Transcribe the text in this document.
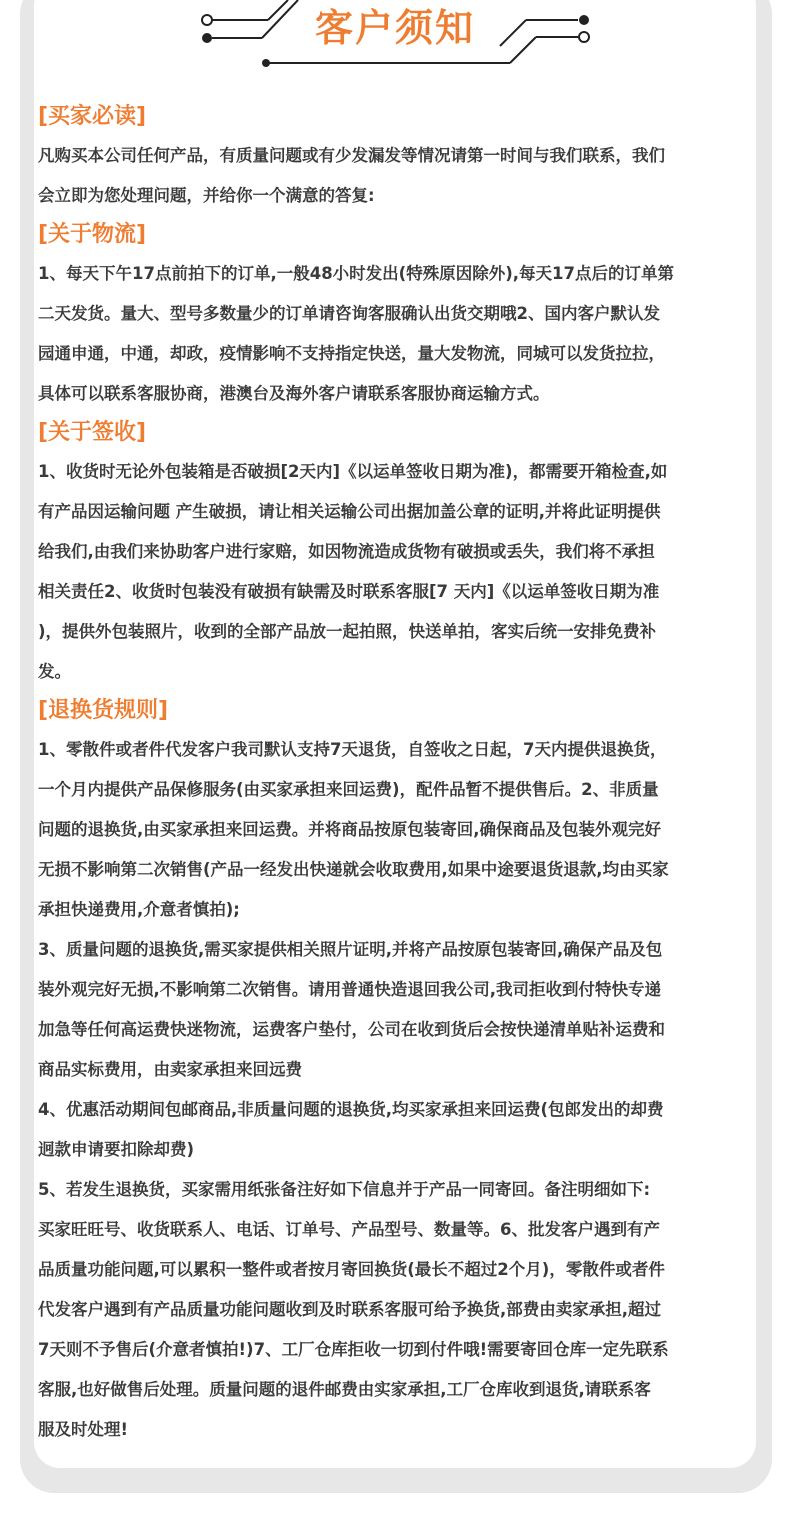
客户须知

[买家必读]

凡购买本公司任何产品，有质量问题或有少发漏发等情况请第一时间与我们联系，我们
会立即为您处理问题，并给你一个满意的答复:

[关于物流]

1、每天下午17点前拍下的订单,一般48小时发出(特殊原因除外),每天17点后的订单第
二天发货。量大、型号多数量少的订单请咨询客服确认出货交期哦2、国内客户默认发
园通申通，中通，却政，疫情影响不支持指定快送，量大发物流，同城可以发货拉拉，
具体可以联系客服协商，港澳台及海外客户请联系客服协商运输方式。

[关于签收]

1、收货时无论外包装箱是否破损[2天内]《以运单签收日期为准)，都需要开箱检查,如
有产品因运输问题 产生破损，请让相关运输公司出据加盖公章的证明,并将此证明提供
给我们,由我们来协助客户进行家赔，如因物流造成货物有破损或丢失，我们将不承担
相关责任2、收货时包装没有破损有缺需及时联系客服[7 天内]《以运单签收日期为准
)，提供外包装照片，收到的全部产品放一起拍照，快送单拍，客实后统一安排免费补
发。

[退换货规则]

1、零散件或者件代发客户我司默认支持7天退货，自签收之日起，7天内提供退换货，
一个月内提供产品保修服务(由买家承担来回运费)，配件品暂不提供售后。2、非质量
问题的退换货,由买家承担来回运费。并将商品按原包装寄回,确保商品及包装外观完好
无损不影响第二次销售(产品一经发出快递就会收取费用,如果中途要退货退款,均由买家
承担快递费用,介意者慎拍);
3、质量问题的退换货,需买家提供相关照片证明,并将产品按原包装寄回,确保产品及包
装外观完好无损,不影响第二次销售。请用普通快造退回我公司,我司拒收到付特快专递
加急等任何高运费快迷物流，运费客户垫付，公司在收到货后会按快递清单贴补运费和
商品实标费用，由卖家承担来回远费
4、优惠活动期间包邮商品,非质量问题的退换货,均买家承担来回运费(包郎发出的却费
迥款申请要扣除却费)
5、若发生退换货，买家需用纸张备注好如下信息并于产品一同寄回。备注明细如下:
买家旺旺号、收货联系人、电话、订单号、产品型号、数量等。6、批发客户遇到有产
品质量功能问题,可以累积一整件或者按月寄回换货(最长不超过2个月)，零散件或者件
代发客户遇到有产品质量功能问题收到及时联系客服可给予换货,部费由卖家承担,超过
7天则不予售后(介意者慎拍!)7、工厂仓库拒收一切到付件哦!需要寄回仓库一定先联系
客服,也好做售后处理。质量问题的退件邮费由实家承担,工厂仓库收到退货,请联系客
服及时处理!
